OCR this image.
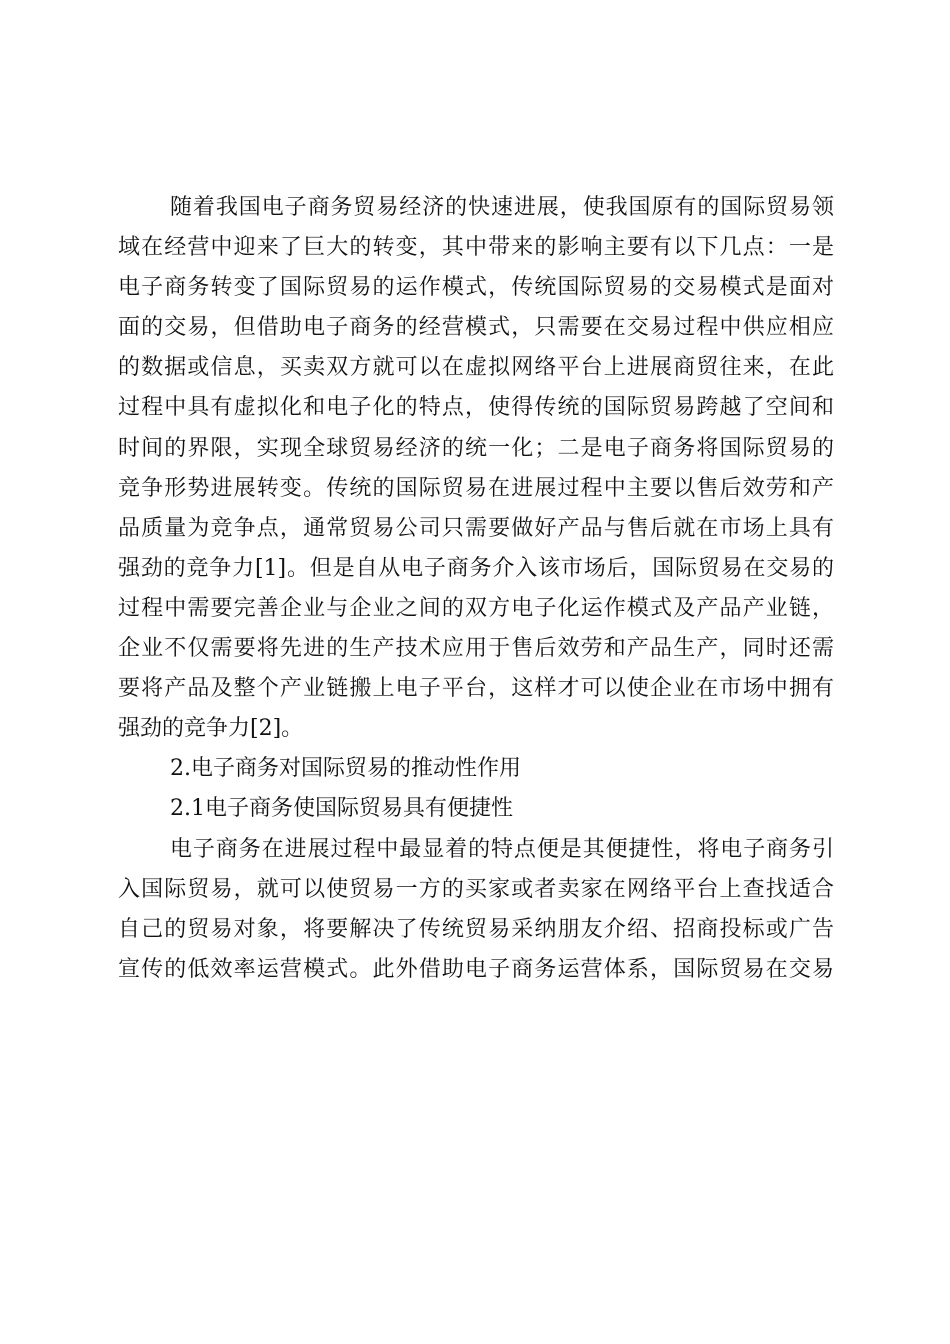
随着我国电子商务贸易经济的快速进展，使我国原有的国际贸易领
域在经营中迎来了巨大的转变，其中带来的影响主要有以下几点：一是
电子商务转变了国际贸易的运作模式，传统国际贸易的交易模式是面对
面的交易，但借助电子商务的经营模式，只需要在交易过程中供应相应
的数据或信息，买卖双方就可以在虚拟网络平台上进展商贸往来，在此
过程中具有虚拟化和电子化的特点，使得传统的国际贸易跨越了空间和
时间的界限，实现全球贸易经济的统一化；二是电子商务将国际贸易的
竞争形势进展转变。传统的国际贸易在进展过程中主要以售后效劳和产
品质量为竞争点，通常贸易公司只需要做好产品与售后就在市场上具有
强劲的竞争力[1]。但是自从电子商务介入该市场后，国际贸易在交易的
过程中需要完善企业与企业之间的双方电子化运作模式及产品产业链，
企业不仅需要将先进的生产技术应用于售后效劳和产品生产，同时还需
要将产品及整个产业链搬上电子平台，这样才可以使企业在市场中拥有
强劲的竞争力[2]。
2.电子商务对国际贸易的推动性作用
2.1电子商务使国际贸易具有便捷性
电子商务在进展过程中最显着的特点便是其便捷性，将电子商务引
入国际贸易，就可以使贸易一方的买家或者卖家在网络平台上查找适合
自己的贸易对象，将要解决了传统贸易采纳朋友介绍、招商投标或广告
宣传的低效率运营模式。此外借助电子商务运营体系，国际贸易在交易
